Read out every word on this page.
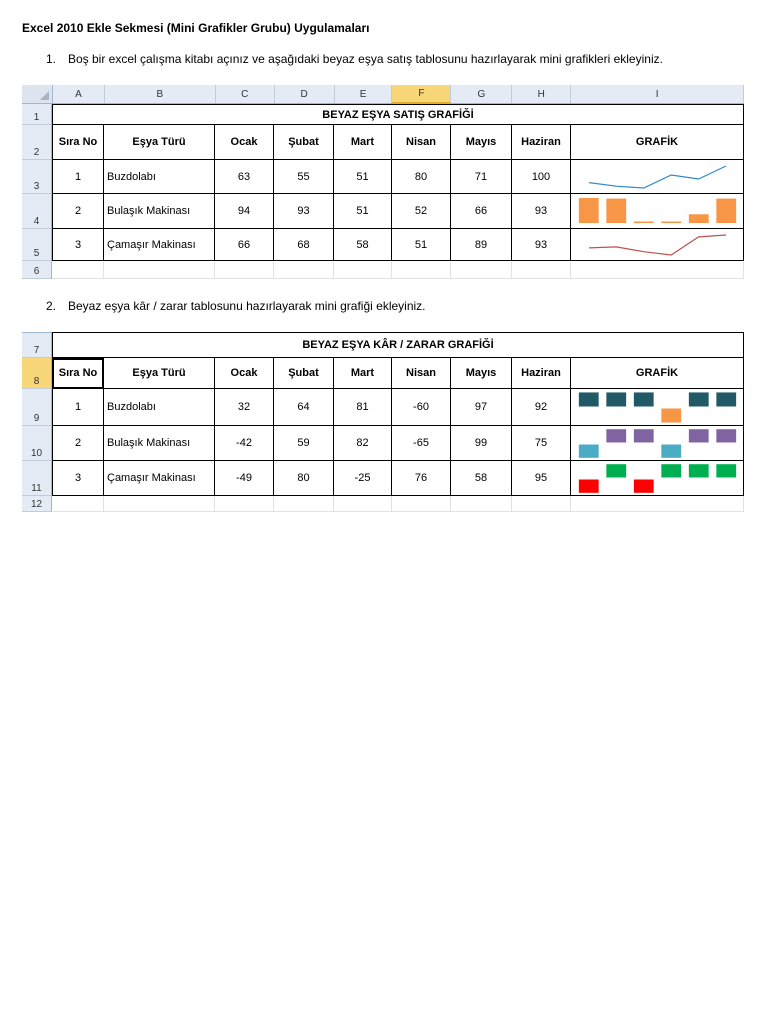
Excel 2010 Ekle Sekmesi (Mini Grafikler Grubu) Uygulamaları
1. Boş bir excel çalışma kitabı açınız ve aşağıdaki beyaz eşya satış tablosunu hazırlayarak mini grafikleri ekleyiniz.
2. Beyaz eşya kâr / zarar tablosunu hazırlayarak mini grafiği ekleyiniz.
A	B	C	D	E	F	G	H	I
1	BEYAZ EŞYA SATIŞ GRAFİĞİ
2
Sıra No	Eşya Türü	Ocak	Şubat	Mart	Nisan	Mayıs	Haziran	GRAFİK
3
1	Buzdolabı	63	55	51	80	71	100
4
2	Bulaşık Makinası	94	93	51	52	66	93
5
3	Çamaşır Makinası	66	68	58	51	89	93
6
7	BEYAZ EŞYA KÂR / ZARAR GRAFİĞİ
8
Sıra No	Eşya Türü	Ocak	Şubat	Mart	Nisan	Mayıs	Haziran	GRAFİK
9
1	Buzdolabı	32	64	81	-60	97	92
10
2	Bulaşık Makinası	-42	59	82	-65	99	75
11
3	Çamaşır Makinası	-49	80	-25	76	58	95
12
